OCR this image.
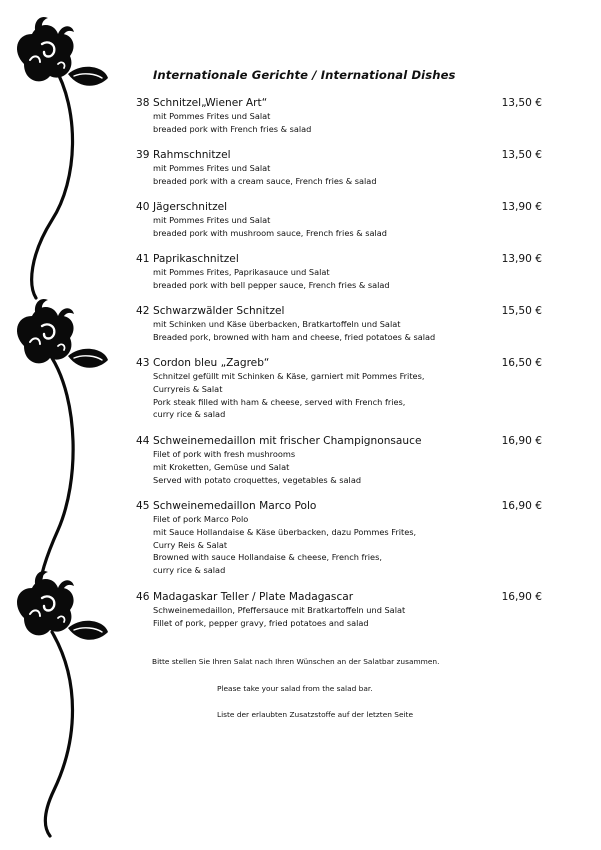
Internationale Gerichte / International Dishes
38 Schnitzel„Wiener Art“	13,50 €
mit Pommes Frites und Salat
breaded pork with French fries & salad
39 Rahmschnitzel	13,50 €
mit Pommes Frites und Salat
breaded pork with a cream sauce, French fries & salad
40 Jägerschnitzel	13,90 €
mit Pommes Frites und Salat
breaded pork with mushroom sauce, French fries & salad
41 Paprikaschnitzel	13,90 €
mit Pommes Frites, Paprikasauce und Salat
breaded pork with bell pepper sauce, French fries & salad
42 Schwarzwälder Schnitzel	15,50 €
mit Schinken und Käse überbacken, Bratkartoffeln und Salat
Breaded pork, browned with ham and cheese, fried potatoes & salad
43 Cordon bleu „Zagreb“	16,50 €
Schnitzel gefüllt mit Schinken & Käse, garniert mit Pommes Frites,
Curryreis & Salat
Pork steak filled with ham & cheese, served with French fries,
curry rice & salad
44 Schweinemedaillon mit frischer Champignonsauce	16,90 €
Filet of pork with fresh mushrooms
mit Kroketten, Gemüse und Salat
Served with potato croquettes, vegetables & salad
45 Schweinemedaillon Marco Polo	16,90 €
Filet of pork Marco Polo
mit Sauce Hollandaise & Käse überbacken, dazu Pommes Frites,
Curry Reis & Salat
Browned with sauce Hollandaise & cheese, French fries,
curry rice & salad
46 Madagaskar Teller / Plate Madagascar	16,90 €
Schweinemedaillon, Pfeffersauce mit Bratkartoffeln und Salat
Fillet of pork, pepper gravy, fried potatoes and salad
Bitte stellen Sie Ihren Salat nach Ihren Wünschen an der Salatbar zusammen.
Please take your salad from the salad bar.
Liste der erlaubten Zusatzstoffe auf der letzten Seite
